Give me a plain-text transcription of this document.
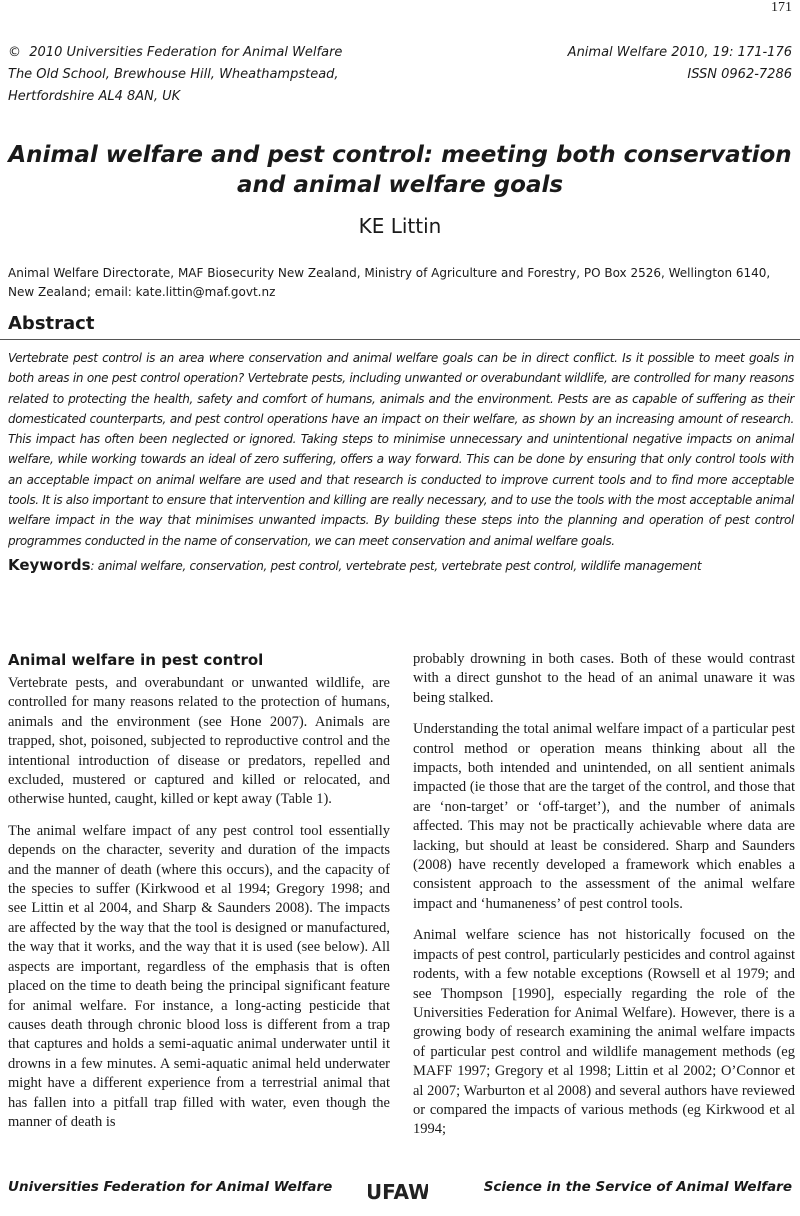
171
© 2010 Universities Federation for Animal Welfare
The Old School, Brewhouse Hill, Wheathampstead,
Hertfordshire AL4 8AN, UK
Animal Welfare 2010, 19: 171-176
ISSN 0962-7286
Animal welfare and pest control: meeting both conservation and animal welfare goals
KE Littin
Animal Welfare Directorate, MAF Biosecurity New Zealand, Ministry of Agriculture and Forestry, PO Box 2526, Wellington 6140, New Zealand; email: kate.littin@maf.govt.nz
Abstract
Vertebrate pest control is an area where conservation and animal welfare goals can be in direct conflict. Is it possible to meet goals in both areas in one pest control operation? Vertebrate pests, including unwanted or overabundant wildlife, are controlled for many reasons related to protecting the health, safety and comfort of humans, animals and the environment. Pests are as capable of suffering as their domesticated counterparts, and pest control operations have an impact on their welfare, as shown by an increasing amount of research. This impact has often been neglected or ignored. Taking steps to minimise unnecessary and unintentional negative impacts on animal welfare, while working towards an ideal of zero suffering, offers a way forward. This can be done by ensuring that only control tools with an acceptable impact on animal welfare are used and that research is conducted to improve current tools and to find more acceptable tools. It is also important to ensure that intervention and killing are really necessary, and to use the tools with the most acceptable animal welfare impact in the way that minimises unwanted impacts. By building these steps into the planning and operation of pest control programmes conducted in the name of conservation, we can meet conservation and animal welfare goals.
Keywords: animal welfare, conservation, pest control, vertebrate pest, vertebrate pest control, wildlife management
Animal welfare in pest control

Vertebrate pests, and overabundant or unwanted wildlife, are controlled for many reasons related to the protection of humans, animals and the environment (see Hone 2007). Animals are trapped, shot, poisoned, subjected to reproductive control and the intentional introduction of disease or predators, repelled and excluded, mustered or captured and killed or relocated, and otherwise hunted, caught, killed or kept away (Table 1).

The animal welfare impact of any pest control tool essentially depends on the character, severity and duration of the impacts and the manner of death (where this occurs), and the capacity of the species to suffer (Kirkwood et al 1994; Gregory 1998; and see Littin et al 2004, and Sharp & Saunders 2008). The impacts are affected by the way that the tool is designed or manufactured, the way that it works, and the way that it is used (see below). All aspects are important, regardless of the emphasis that is often placed on the time to death being the principal significant feature for animal welfare. For instance, a long-acting pesticide that causes death through chronic blood loss is different from a trap that captures and holds a semi-aquatic animal underwater until it drowns in a few minutes. A semi-aquatic animal held underwater might have a different experience from a terrestrial animal that has fallen into a pitfall trap filled with water, even though the manner of death is

probably drowning in both cases. Both of these would contrast with a direct gunshot to the head of an animal unaware it was being stalked.

Understanding the total animal welfare impact of a particular pest control method or operation means thinking about all the impacts, both intended and unintended, on all sentient animals impacted (ie those that are the target of the control, and those that are ‘non-target’ or ‘off-target’), and the number of animals affected. This may not be practically achievable where data are lacking, but should at least be considered. Sharp and Saunders (2008) have recently developed a framework which enables a consistent approach to the assessment of the animal welfare impact and ‘humaneness’ of pest control tools.

Animal welfare science has not historically focused on the impacts of pest control, particularly pesticides and control against rodents, with a few notable exceptions (Rowsell et al 1979; and see Thompson [1990], especially regarding the role of the Universities Federation for Animal Welfare). However, there is a growing body of research examining the animal welfare impacts of particular pest control and wildlife management methods (eg MAFF 1997; Gregory et al 1998; Littin et al 2002; O’Connor et al 2007; Warburton et al 2008) and several authors have reviewed or compared the impacts of various methods (eg Kirkwood et al 1994;

Universities Federation for Animal Welfare UFAW	Science in the Service of Animal Welfare
